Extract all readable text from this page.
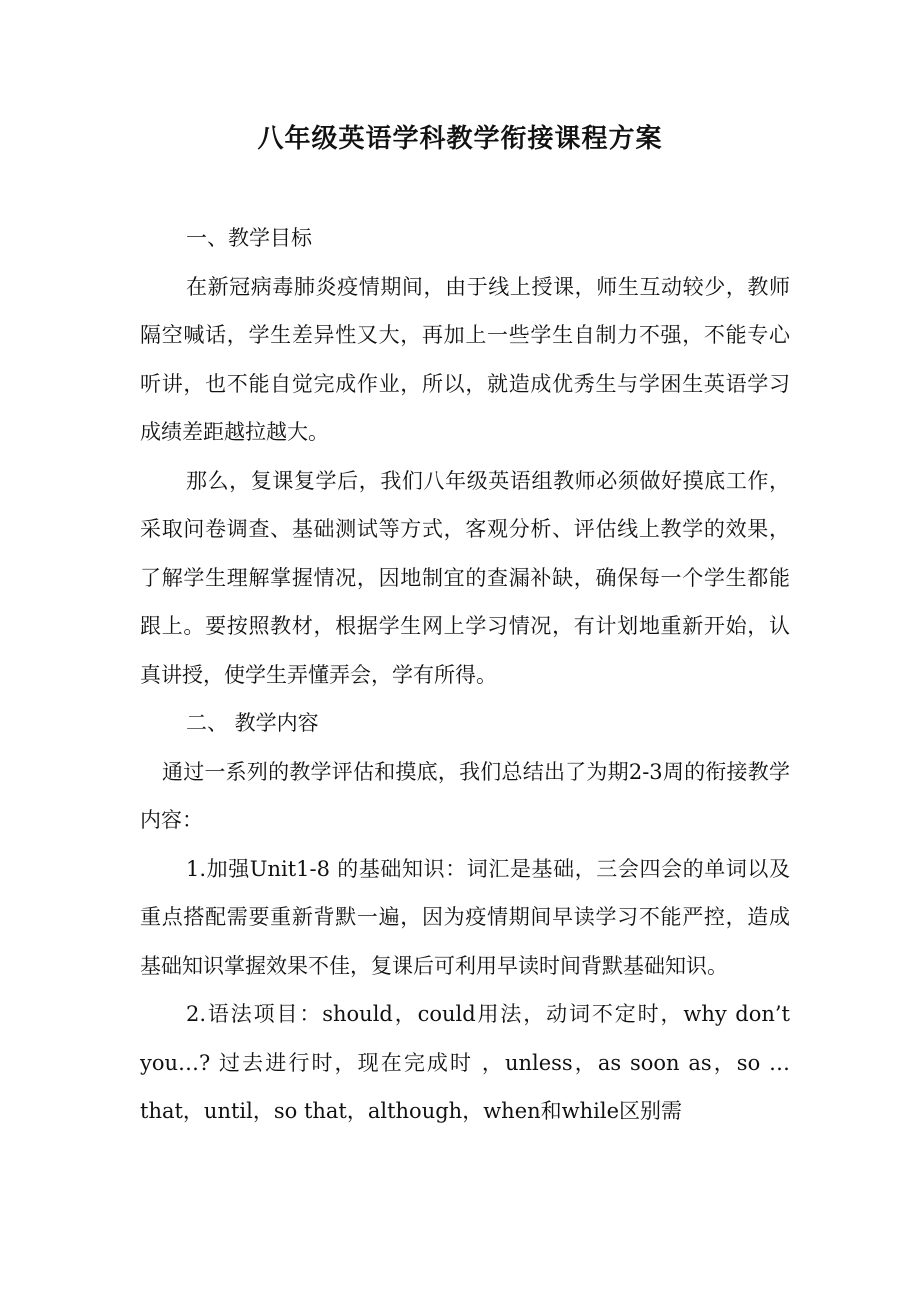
八年级英语学科教学衔接课程方案

一、教学目标

在新冠病毒肺炎疫情期间，由于线上授课，师生互动较少，教师隔空喊话，学生差异性又大，再加上一些学生自制力不强，不能专心听讲，也不能自觉完成作业，所以，就造成优秀生与学困生英语学习成绩差距越拉越大。

那么，复课复学后，我们八年级英语组教师必须做好摸底工作，采取问卷调查、基础测试等方式，客观分析、评估线上教学的效果，了解学生理解掌握情况，因地制宜的查漏补缺，确保每一个学生都能跟上。要按照教材，根据学生网上学习情况，有计划地重新开始，认真讲授，使学生弄懂弄会，学有所得。

二、 教学内容

通过一系列的教学评估和摸底，我们总结出了为期2-3周的衔接教学内容：

1.加强Unit1-8 的基础知识：词汇是基础，三会四会的单词以及重点搭配需要重新背默一遍，因为疫情期间早读学习不能严控，造成基础知识掌握效果不佳，复课后可利用早读时间背默基础知识。

2.语法项目：should，could用法，动词不定时，why don’t you…? 过去进行时，现在完成时 ，unless，as soon as，so …that，until，so that，although，when和while区别需
